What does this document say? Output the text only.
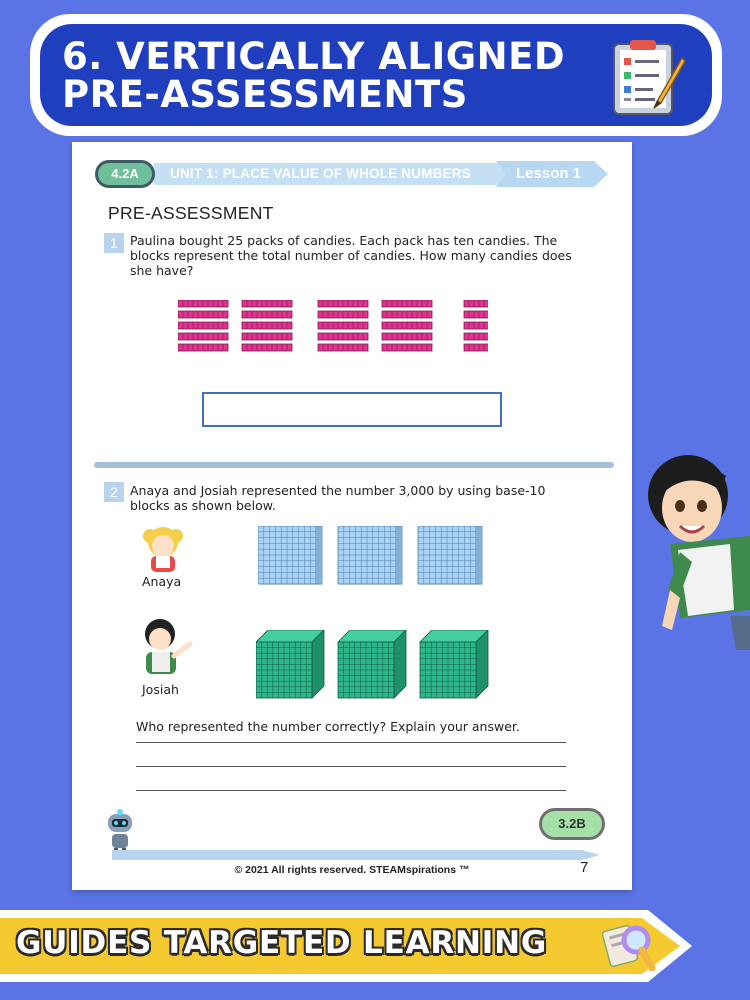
6. VERTICALLY ALIGNED PRE-ASSESSMENTS
UNIT 1: PLACE VALUE OF WHOLE NUMBERS	Lesson 1
4.2A
PRE-ASSESSMENT
1 Paulina bought 25 packs of candies. Each pack has ten candies. The blocks represent the total number of candies. How many candies does she have?
2 Anaya and Josiah represented the number 3,000 by using base-10 blocks as shown below.
Anaya
Josiah
Who represented the number correctly? Explain your answer.
3.2B
© 2021 All rights reserved. STEAMspirations ™	7
GUIDES TARGETED LEARNING
